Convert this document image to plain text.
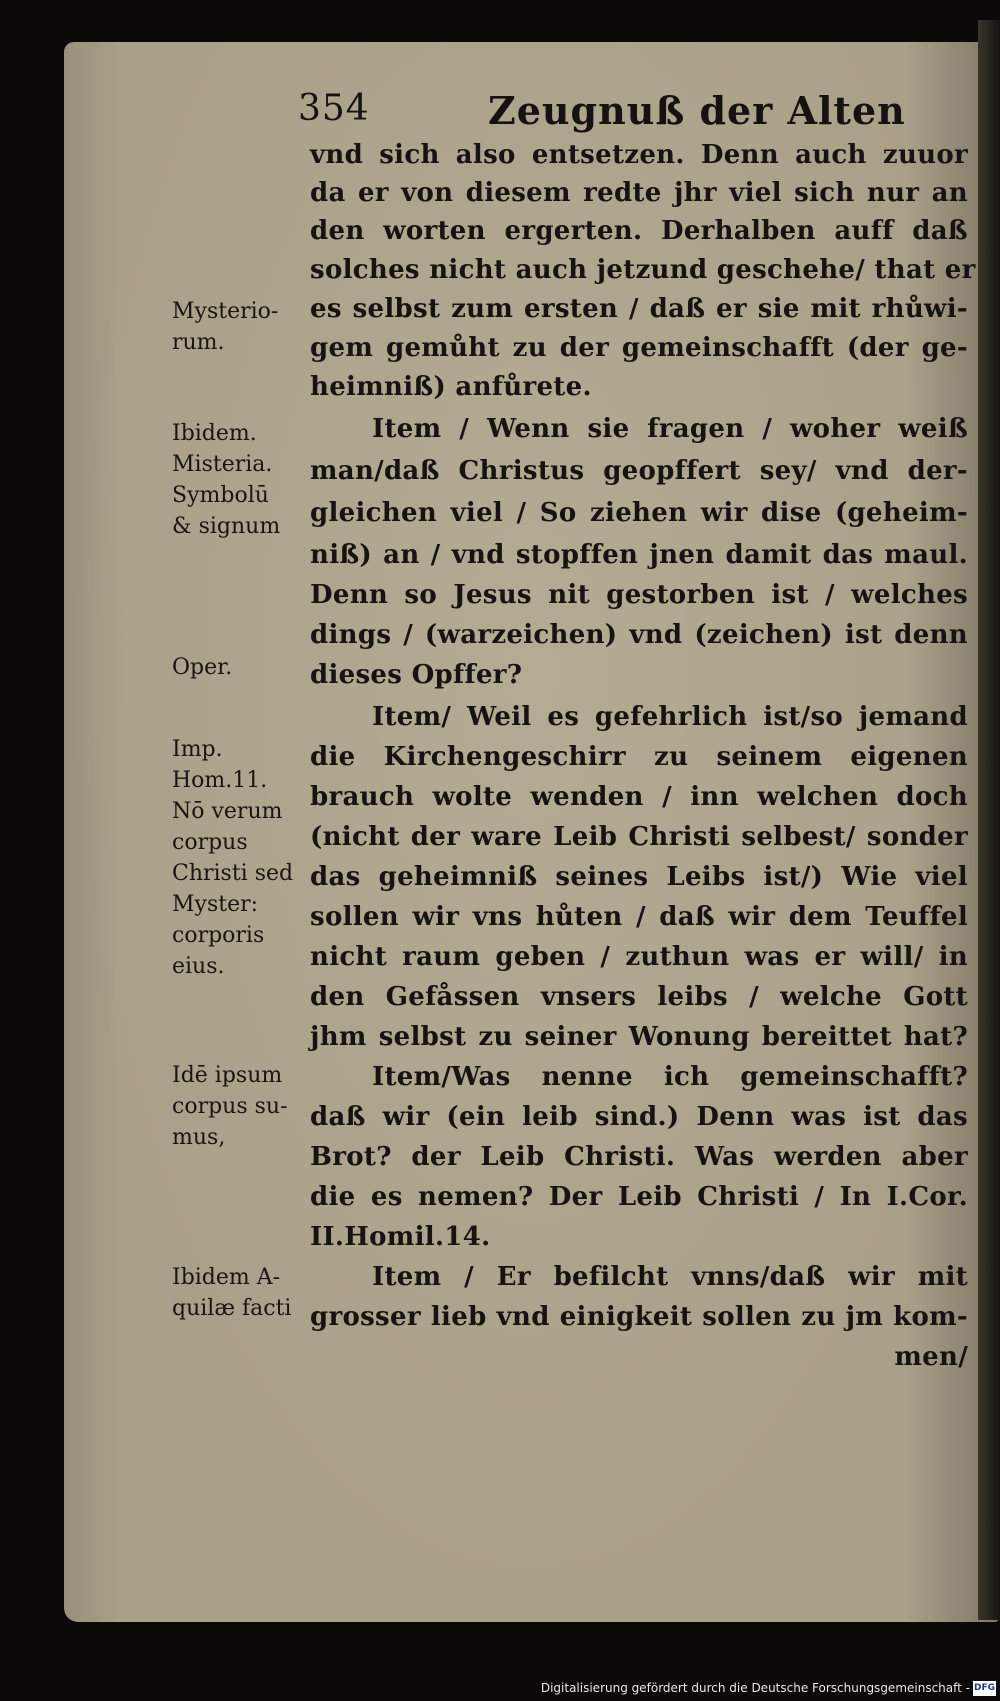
354	Zeugnuß der Alten
vnd sich also entsetzen. Denn auch zuuor
da er von diesem redte jhr viel sich nur an
den worten ergerten. Derhalben auff daß
solches nicht auch jetzund geschehe/ that er
es selbst zum ersten / daß er sie mit rhůwi-
gem gemůht zu der gemeinschafft (der ge-
heimniß) anfůrete.
Item / Wenn sie fragen / woher weiß
man/daß Christus geopffert sey/ vnd der-
gleichen viel / So ziehen wir dise (geheim-
niß) an / vnd stopffen jnen damit das maul.
Denn so Jesus nit gestorben ist / welches
dings / (warzeichen) vnd (zeichen) ist denn
dieses Opffer?
Item/ Weil es gefehrlich ist/so jemand
die Kirchengeschirr zu seinem eigenen
brauch wolte wenden / inn welchen doch
(nicht der ware Leib Christi selbest/ sonder
das geheimniß seines Leibs ist/) Wie viel
sollen wir vns hůten / daß wir dem Teuffel
nicht raum geben / zuthun was er will/ in
den Gefåssen vnsers leibs / welche Gott
jhm selbst zu seiner Wonung bereittet hat?
Item/Was nenne ich gemeinschafft?
daß wir (ein leib sind.) Denn was ist das
Brot? der Leib Christi. Was werden aber
die es nemen? Der Leib Christi / In I.Cor.
II.Homil.14.
Item / Er befilcht vnns/daß wir mit
grosser lieb vnd einigkeit sollen zu jm kom-
men/
Mysterio-
rum.
Ibidem.
Misteria.
Symbolū
& signum
Oper.
Imp.
Hom.11.
Nō verum
corpus
Christi sed
Myster:
corporis
eius.
Idē ipsum
corpus su-
mus,
Ibidem A-
quilæ facti
Digitalisierung gefördert durch die Deutsche Forschungsgemeinschaft - DFG
